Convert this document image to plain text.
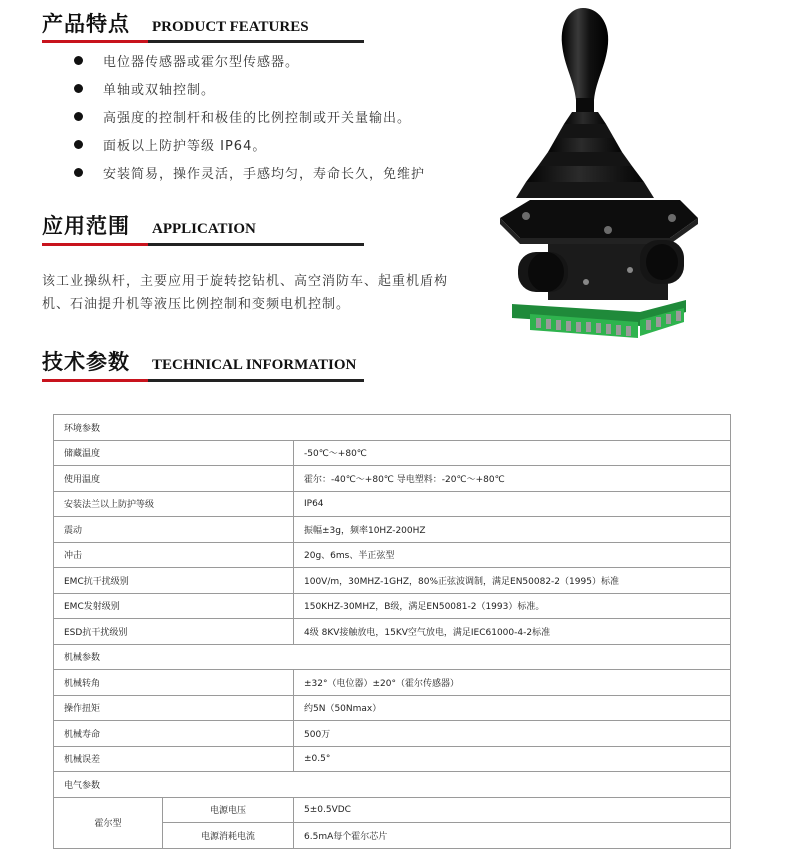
产品特点 PRODUCT FEATURES
电位器传感器或霍尔型传感器。
单轴或双轴控制。
高强度的控制杆和极佳的比例控制或开关量输出。
面板以上防护等级 IP64。
安装简易，操作灵活，手感均匀，寿命长久，免维护
应用范围 APPLICATION

该工业操纵杆，主要应用于旋转挖钻机、高空消防车、起重机盾构机、石油提升机等液压比例控制和变频电机控制。

技术参数 TECHNICAL INFORMATION
环境参数		
储藏温度		-50℃～+80℃
使用温度		霍尔：-40℃～+80℃ 导电塑料：-20℃～+80℃
安装法兰以上防护等级		IP64
震动		振幅±3g，频率10HZ-200HZ
冲击		20g、6ms、半正弦型
EMC抗干扰级别		100V/m，30MHZ-1GHZ，80%正弦波调制，满足EN50082-2（1995）标准
EMC发射级别		150KHZ-30MHZ，B级，满足EN50081-2（1993）标准。
ESD抗干扰级别		4级 8KV接触放电，15KV空气放电，满足IEC61000-4-2标准
机械参数		
机械转角		±32°（电位器）±20°（霍尔传感器）
操作扭矩		约5N（50Nmax）
机械寿命		500万
机械误差		±0.5°
电气参数		
霍尔型	电源电压	5±0.5VDC
	电源消耗电流	6.5mA每个霍尔芯片
